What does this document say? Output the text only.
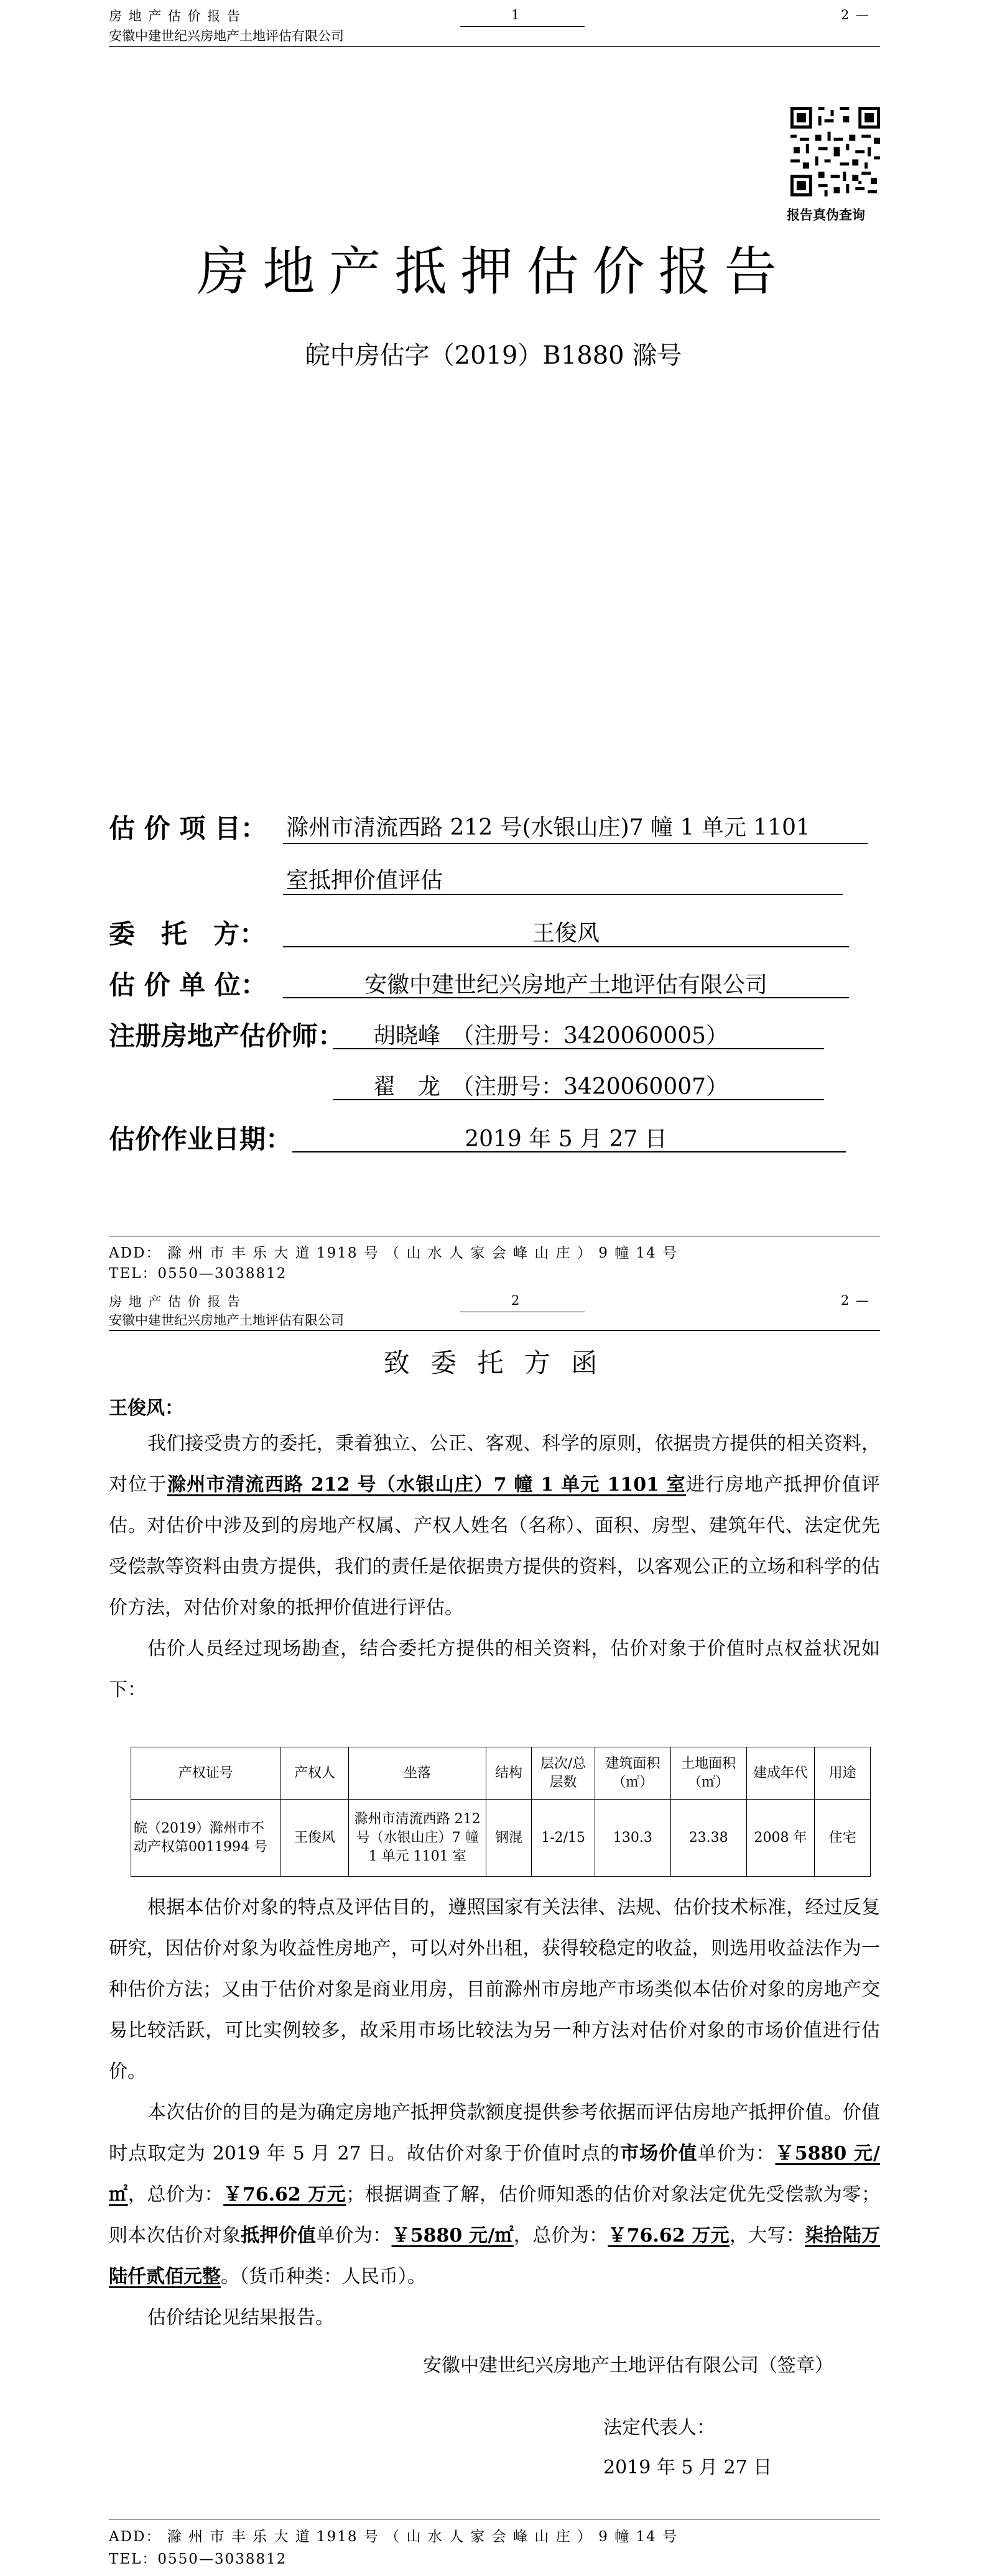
房 地 产 估 价 报 告
安徽中建世纪兴房地产土地评估有限公司
1	2 —
报告真伪查询
房地产抵押估价报告
皖中房估字（2019）B1880 滁号
估 价 项 目： 滁州市清流西路 212 号(水银山庄)7 幢 1 单元 1101
室抵押价值评估
委　托　方：	王俊风
估 价 单 位：	安徽中建世纪兴房地产土地评估有限公司
注册房地产估价师： 胡晓峰　（注册号：3420060005）
翟　龙　（注册号：3420060007）
估价作业日期：	2019 年 5 月 27 日
ADD： 滁 州 市 丰 乐 大 道 1918 号 （ 山 水 人 家 会 峰 山 庄 ） 9 幢 14 号
TEL：0550—3038812
房 地 产 估 价 报 告
安徽中建世纪兴房地产土地评估有限公司
2	2 —
致 委 托 方 函
王俊风：

我们接受贵方的委托，秉着独立、公正、客观、科学的原则，依据贵方提供的相关资料，对位于滁州市清流西路 212 号（水银山庄）7 幢 1 单元 1101 室进行房地产抵押价值评估。对估价中涉及到的房地产权属、产权人姓名（名称）、面积、房型、建筑年代、法定优先受偿款等资料由贵方提供，我们的责任是依据贵方提供的资料，以客观公正的立场和科学的估价方法，对估价对象的抵押价值进行评估。

估价人员经过现场勘查，结合委托方提供的相关资料，估价对象于价值时点权益状况如下：

产权证号	产权人	坐落	结构	层次/总层数	建筑面积（㎡）	土地面积（㎡）	建成年代	用途
皖（2019）滁州市不动产权第0011994 号	王俊风	滁州市清流西路 212 号（水银山庄）7 幢 1 单元 1101 室	钢混	1-2/15	130.3	23.38	2008 年	住宅

根据本估价对象的特点及评估目的，遵照国家有关法律、法规、估价技术标准，经过反复研究，因估价对象为收益性房地产，可以对外出租，获得较稳定的收益，则选用收益法作为一种估价方法；又由于估价对象是商业用房，目前滁州市房地产市场类似本估价对象的房地产交易比较活跃，可比实例较多，故采用市场比较法为另一种方法对估价对象的市场价值进行估价。

本次估价的目的是为确定房地产抵押贷款额度提供参考依据而评估房地产抵押价值。价值时点取定为 2019 年 5 月 27 日。故估价对象于价值时点的市场价值单价为：￥5880 元/㎡，总价为：￥76.62 万元；根据调查了解，估价师知悉的估价对象法定优先受偿款为零；则本次估价对象抵押价值单价为：￥5880 元/㎡，总价为：￥76.62 万元，大写：柒拾陆万陆仟贰佰元整。（货币种类：人民币）。

估价结论见结果报告。

安徽中建世纪兴房地产土地评估有限公司（签章）
法定代表人：
2019 年 5 月 27 日
ADD： 滁 州 市 丰 乐 大 道 1918 号 （ 山 水 人 家 会 峰 山 庄 ） 9 幢 14 号
TEL：0550—3038812
